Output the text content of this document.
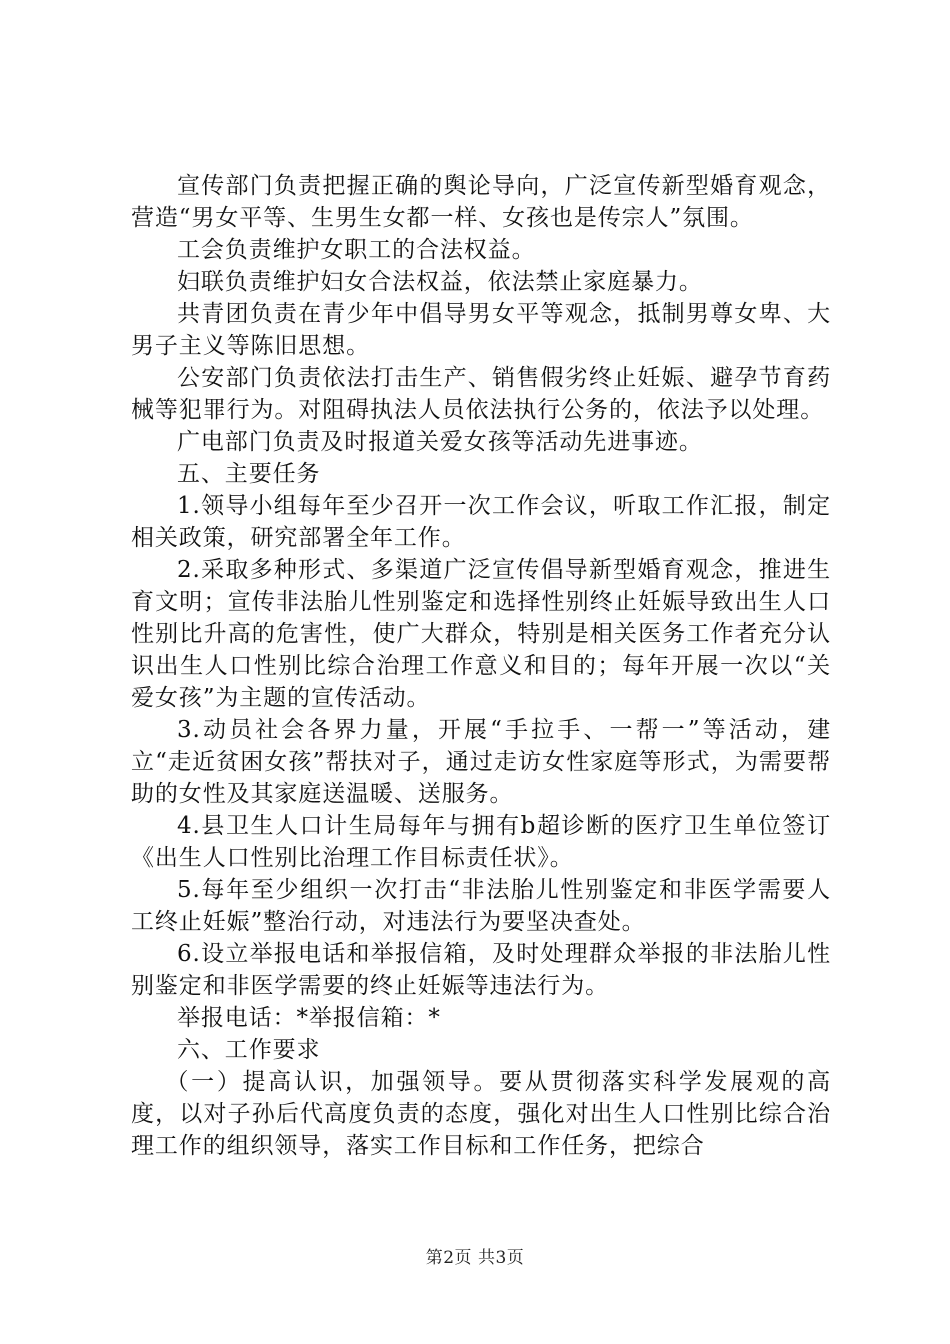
宣传部门负责把握正确的舆论导向，广泛宣传新型婚育观念，营造“男女平等、生男生女都一样、女孩也是传宗人”氛围。

工会负责维护女职工的合法权益。

妇联负责维护妇女合法权益，依法禁止家庭暴力。

共青团负责在青少年中倡导男女平等观念，抵制男尊女卑、大男子主义等陈旧思想。

公安部门负责依法打击生产、销售假劣终止妊娠、避孕节育药械等犯罪行为。对阻碍执法人员依法执行公务的，依法予以处理。

广电部门负责及时报道关爱女孩等活动先进事迹。

五、主要任务

1.领导小组每年至少召开一次工作会议，听取工作汇报，制定相关政策，研究部署全年工作。

2.采取多种形式、多渠道广泛宣传倡导新型婚育观念，推进生育文明；宣传非法胎儿性别鉴定和选择性别终止妊娠导致出生人口性别比升高的危害性，使广大群众，特别是相关医务工作者充分认识出生人口性别比综合治理工作意义和目的；每年开展一次以“关爱女孩”为主题的宣传活动。

3.动员社会各界力量，开展“手拉手、一帮一”等活动，建立“走近贫困女孩”帮扶对子，通过走访女性家庭等形式，为需要帮助的女性及其家庭送温暖、送服务。

4.县卫生人口计生局每年与拥有b超诊断的医疗卫生单位签订《出生人口性别比治理工作目标责任状》。

5.每年至少组织一次打击“非法胎儿性别鉴定和非医学需要人工终止妊娠”整治行动，对违法行为要坚决查处。

6.设立举报电话和举报信箱，及时处理群众举报的非法胎儿性别鉴定和非医学需要的终止妊娠等违法行为。

举报电话：*举报信箱：*

六、工作要求

（一）提高认识，加强领导。要从贯彻落实科学发展观的高度，以对子孙后代高度负责的态度，强化对出生人口性别比综合治理工作的组织领导，落实工作目标和工作任务，把综合

第2页 共3页
